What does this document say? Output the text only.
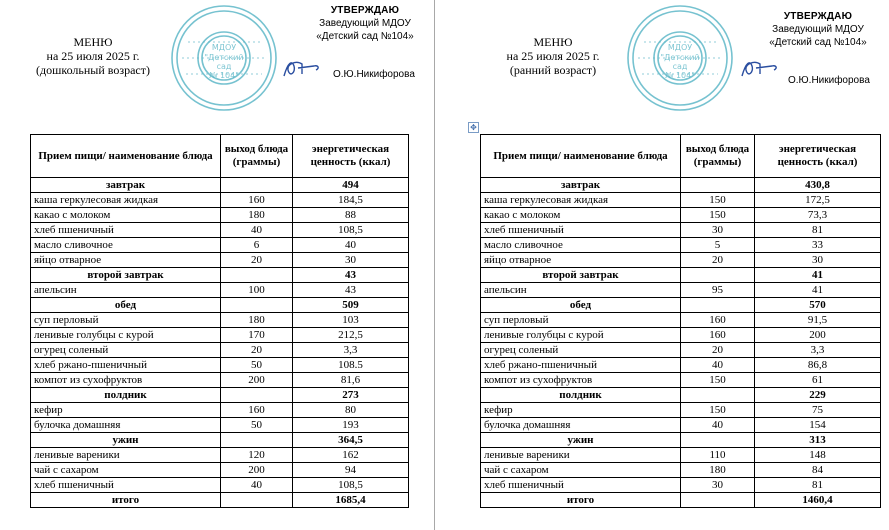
МЕНЮ
на 25 июля 2025 г.
(дошкольный возраст)
МДОУ
"Детский
сад
№ 104"
УТВЕРЖДАЮ
Заведующий МДОУ
«Детский сад №104»
О.Ю.Никифорова
Прием пищи/ наименование блюда	выход блюда (граммы)	энергетическая ценность (ккал)
завтрак		494
каша геркулесовая жидкая	160	184,5
какао с молоком	180	88
хлеб пшеничный	40	108,5
масло сливочное	6	40
яйцо отварное	20	30
второй завтрак		43
апельсин	100	43
обед		509
суп перловый	180	103
ленивые голубцы с курой	170	212,5
огурец соленый	20	3,3
хлеб ржано-пшеничный	50	108.5
компот из сухофруктов	200	81,6
полдник		273
кефир	160	80
булочка домашняя	50	193
ужин		364,5
ленивые вареники	120	162
чай с сахаром	200	94
хлеб пшеничный	40	108,5
итого		1685,4
МЕНЮ
на 25 июля 2025 г.
(ранний возраст)
МДОУ
"Детский
сад
№ 104"
УТВЕРЖДАЮ
Заведующий МДОУ
«Детский сад №104»
О.Ю.Никифорова
✥
Прием пищи/ наименование блюда	выход блюда (граммы)	энергетическая ценность (ккал)
завтрак		430,8
каша геркулесовая жидкая	150	172,5
какао с молоком	150	73,3
хлеб пшеничный	30	81
масло сливочное	5	33
яйцо отварное	20	30
второй завтрак		41
апельсин	95	41
обед		570
суп перловый	160	91,5
ленивые голубцы с курой	160	200
огурец соленый	20	3,3
хлеб ржано-пшеничный	40	86,8
компот из сухофруктов	150	61
полдник		229
кефир	150	75
булочка домашняя	40	154
ужин		313
ленивые вареники	110	148
чай с сахаром	180	84
хлеб пшеничный	30	81
итого		1460,4
